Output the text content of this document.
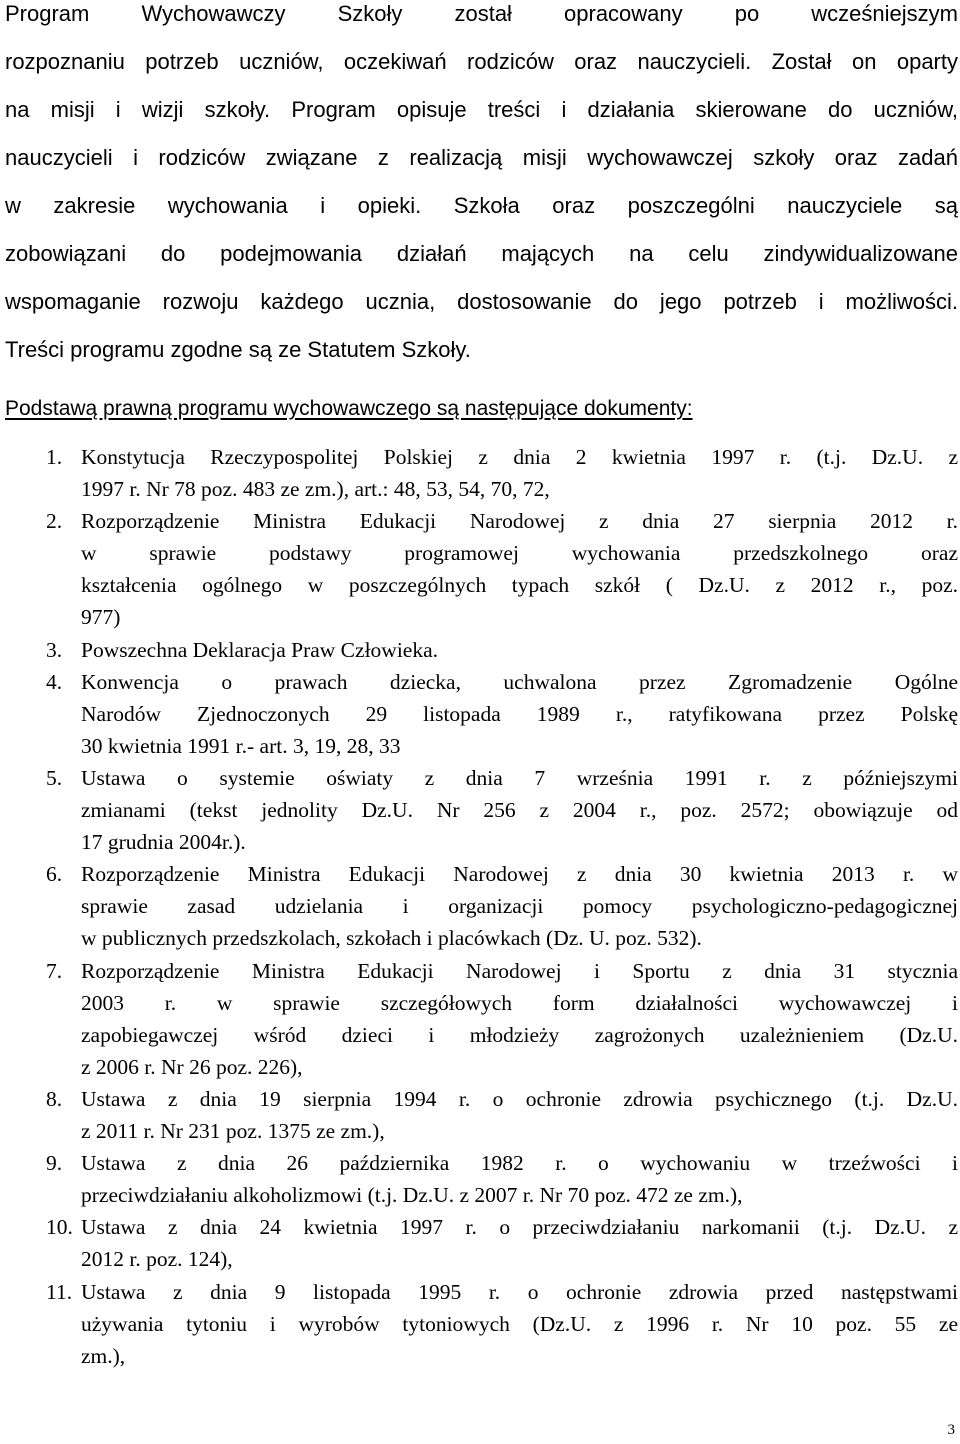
Program Wychowawczy Szkoły został opracowany po wcześniejszym
rozpoznaniu potrzeb uczniów, oczekiwań rodziców oraz nauczycieli. Został on oparty
na misji i wizji szkoły. Program opisuje treści i działania skierowane do uczniów,
nauczycieli i rodziców związane z realizacją misji wychowawczej szkoły oraz zadań
w zakresie wychowania i opieki. Szkoła oraz poszczególni nauczyciele są
zobowiązani do podejmowania działań mających na celu zindywidualizowane
wspomaganie rozwoju każdego ucznia, dostosowanie do jego potrzeb i możliwości.
Treści programu zgodne są ze Statutem Szkoły.

Podstawą prawną programu wychowawczego są następujące dokumenty:

1. Konstytucja Rzeczypospolitej Polskiej z dnia 2 kwietnia 1997 r. (t.j. Dz.U. z
1997 r. Nr 78 poz. 483 ze zm.), art.: 48, 53, 54, 70, 72,
2. Rozporządzenie Ministra Edukacji Narodowej z dnia 27 sierpnia 2012 r.
w sprawie podstawy programowej wychowania przedszkolnego oraz
kształcenia ogólnego w poszczególnych typach szkół ( Dz.U. z 2012 r., poz.
977)
3. Powszechna Deklaracja Praw Człowieka.
4. Konwencja o prawach dziecka, uchwalona przez Zgromadzenie Ogólne
Narodów Zjednoczonych 29 listopada 1989 r., ratyfikowana przez Polskę
30 kwietnia 1991 r.- art. 3, 19, 28, 33
5. Ustawa o systemie oświaty z dnia 7 września 1991 r. z późniejszymi
zmianami (tekst jednolity Dz.U. Nr 256 z 2004 r., poz. 2572; obowiązuje od
17 grudnia 2004r.).
6. Rozporządzenie Ministra Edukacji Narodowej z dnia 30 kwietnia 2013 r. w
sprawie zasad udzielania i organizacji pomocy psychologiczno-pedagogicznej
w publicznych przedszkolach, szkołach i placówkach (Dz. U. poz. 532).
7. Rozporządzenie Ministra Edukacji Narodowej i Sportu z dnia 31 stycznia
2003 r. w sprawie szczegółowych form działalności wychowawczej i
zapobiegawczej wśród dzieci i młodzieży zagrożonych uzależnieniem (Dz.U.
z 2006 r. Nr 26 poz. 226),
8. Ustawa z dnia 19 sierpnia 1994 r. o ochronie zdrowia psychicznego (t.j. Dz.U.
z 2011 r. Nr 231 poz. 1375 ze zm.),
9. Ustawa z dnia 26 października 1982 r. o wychowaniu w trzeźwości i
przeciwdziałaniu alkoholizmowi (t.j. Dz.U. z 2007 r. Nr 70 poz. 472 ze zm.),
10. Ustawa z dnia 24 kwietnia 1997 r. o przeciwdziałaniu narkomanii (t.j. Dz.U. z
2012 r. poz. 124),
11. Ustawa z dnia 9 listopada 1995 r. o ochronie zdrowia przed następstwami
używania tytoniu i wyrobów tytoniowych (Dz.U. z 1996 r. Nr 10 poz. 55 ze
zm.),
3
